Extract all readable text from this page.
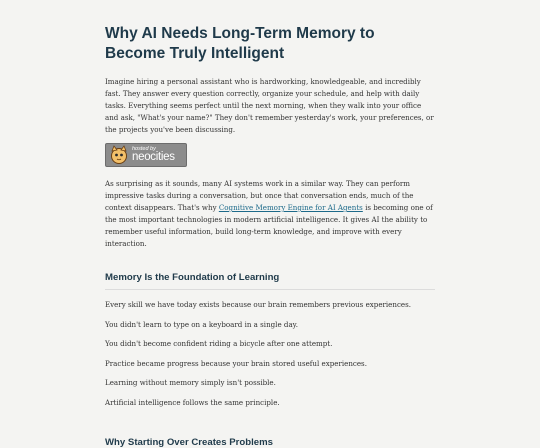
Why AI Needs Long-Term Memory to Become Truly Intelligent

Imagine hiring a personal assistant who is hardworking, knowledgeable, and incredibly fast. They answer every question correctly, organize your schedule, and help with daily tasks. Everything seems perfect until the next morning, when they walk into your office and ask, "What's your name?" They don't remember yesterday's work, your preferences, or the projects you've been discussing.

hosted by
neocities

As surprising as it sounds, many AI systems work in a similar way. They can perform impressive tasks during a conversation, but once that conversation ends, much of the context disappears. That's why Cognitive Memory Engine for AI Agents is becoming one of the most important technologies in modern artificial intelligence. It gives AI the ability to remember useful information, build long-term knowledge, and improve with every interaction.

Memory Is the Foundation of Learning

Every skill we have today exists because our brain remembers previous experiences.

You didn't learn to type on a keyboard in a single day.

You didn't become confident riding a bicycle after one attempt.

Practice became progress because your brain stored useful experiences.

Learning without memory simply isn't possible.

Artificial intelligence follows the same principle.

Why Starting Over Creates Problems
